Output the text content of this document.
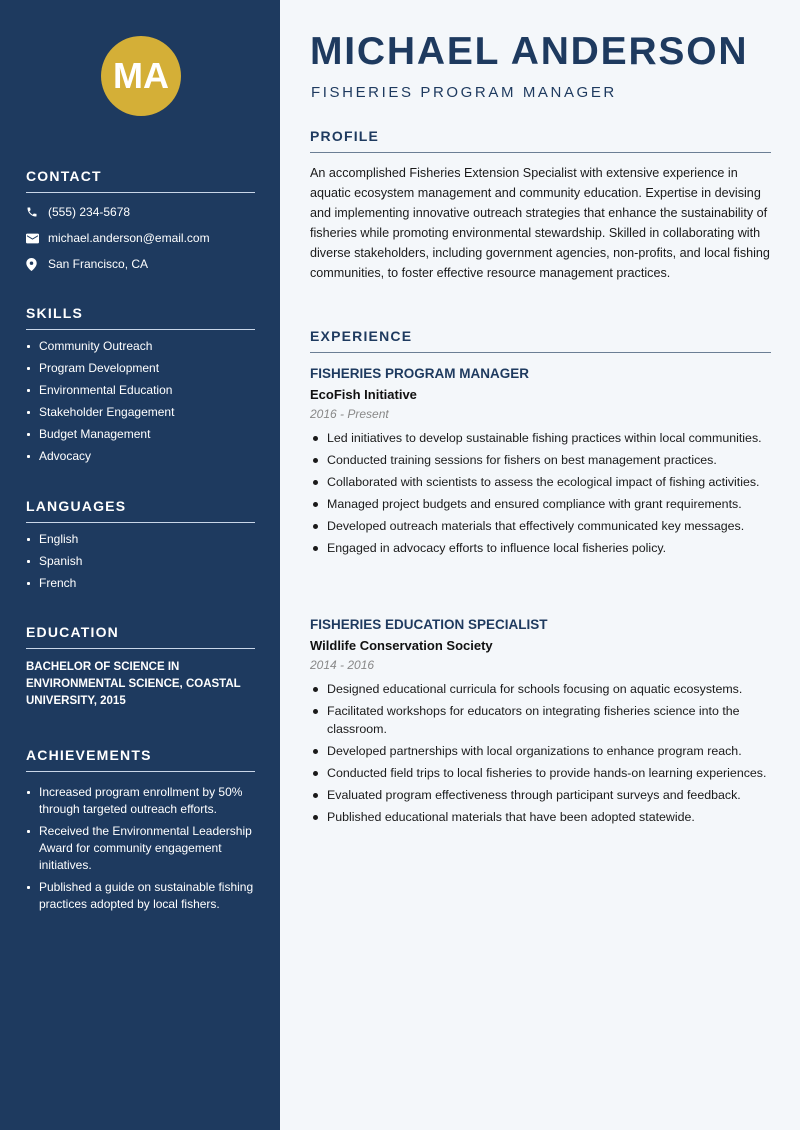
MA
CONTACT
(555) 234-5678
michael.anderson@email.com
San Francisco, CA
SKILLS
Community Outreach
Program Development
Environmental Education
Stakeholder Engagement
Budget Management
Advocacy
LANGUAGES
English
Spanish
French
EDUCATION
BACHELOR OF SCIENCE IN ENVIRONMENTAL SCIENCE, COASTAL UNIVERSITY, 2015
ACHIEVEMENTS
Increased program enrollment by 50% through targeted outreach efforts.
Received the Environmental Leadership Award for community engagement initiatives.
Published a guide on sustainable fishing practices adopted by local fishers.
MICHAEL ANDERSON
FISHERIES PROGRAM MANAGER
PROFILE

An accomplished Fisheries Extension Specialist with extensive experience in aquatic ecosystem management and community education. Expertise in devising and implementing innovative outreach strategies that enhance the sustainability of fisheries while promoting environmental stewardship. Skilled in collaborating with diverse stakeholders, including government agencies, non-profits, and local fishing communities, to foster effective resource management practices.

EXPERIENCE
FISHERIES PROGRAM MANAGER
EcoFish Initiative
2016 - Present
Led initiatives to develop sustainable fishing practices within local communities.
Conducted training sessions for fishers on best management practices.
Collaborated with scientists to assess the ecological impact of fishing activities.
Managed project budgets and ensured compliance with grant requirements.
Developed outreach materials that effectively communicated key messages.
Engaged in advocacy efforts to influence local fisheries policy.
FISHERIES EDUCATION SPECIALIST
Wildlife Conservation Society
2014 - 2016
Designed educational curricula for schools focusing on aquatic ecosystems.
Facilitated workshops for educators on integrating fisheries science into the classroom.
Developed partnerships with local organizations to enhance program reach.
Conducted field trips to local fisheries to provide hands-on learning experiences.
Evaluated program effectiveness through participant surveys and feedback.
Published educational materials that have been adopted statewide.
